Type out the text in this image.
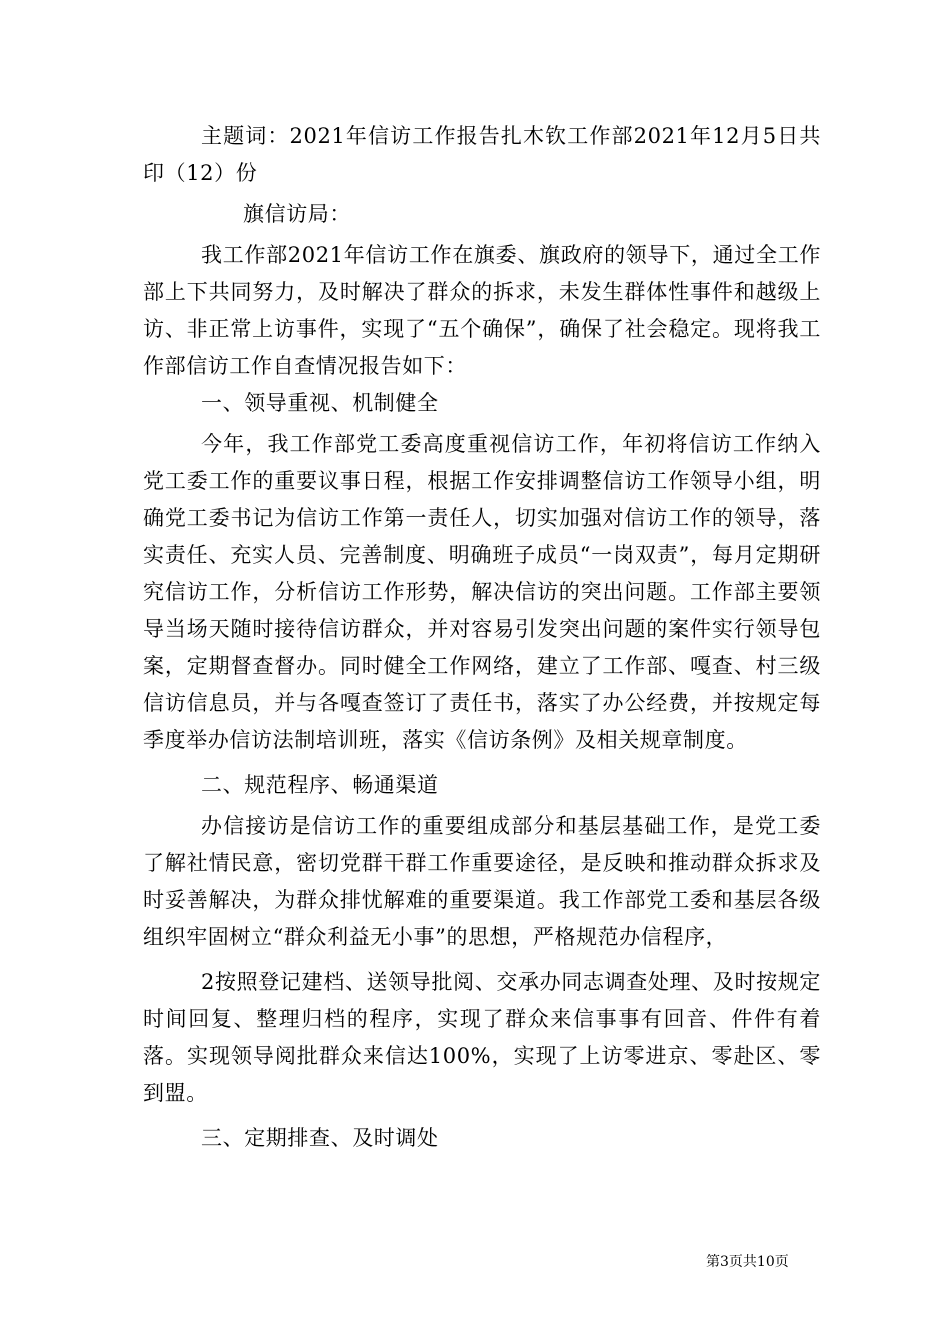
主题词：2021年信访工作报告扎木钦工作部2021年12月5日共印（12）份

旗信访局：

我工作部2021年信访工作在旗委、旗政府的领导下，通过全工作部上下共同努力，及时解决了群众的拆求，未发生群体性事件和越级上访、非正常上访事件，实现了“五个确保”，确保了社会稳定。现将我工作部信访工作自查情况报告如下：

一、领导重视、机制健全

今年，我工作部党工委高度重视信访工作，年初将信访工作纳入党工委工作的重要议事日程，根据工作安排调整信访工作领导小组，明确党工委书记为信访工作第一责任人，切实加强对信访工作的领导，落实责任、充实人员、完善制度、明确班子成员“一岗双责”，每月定期研究信访工作，分析信访工作形势，解决信访的突出问题。工作部主要领导当场天随时接待信访群众，并对容易引发突出问题的案件实行领导包案，定期督查督办。同时健全工作网络，建立了工作部、嘎查、村三级信访信息员，并与各嘎查签订了责任书，落实了办公经费，并按规定每季度举办信访法制培训班，落实《信访条例》及相关规章制度。

二、规范程序、畅通渠道

办信接访是信访工作的重要组成部分和基层基础工作，是党工委了解社情民意，密切党群干群工作重要途径，是反映和推动群众拆求及时妥善解决，为群众排忧解难的重要渠道。我工作部党工委和基层各级组织牢固树立“群众利益无小事”的思想，严格规范办信程序，

2按照登记建档、送领导批阅、交承办同志调查处理、及时按规定时间回复、整理归档的程序，实现了群众来信事事有回音、件件有着落。实现领导阅批群众来信达100%，实现了上访零进京、零赴区、零到盟。

三、定期排查、及时调处

第3页共10页
